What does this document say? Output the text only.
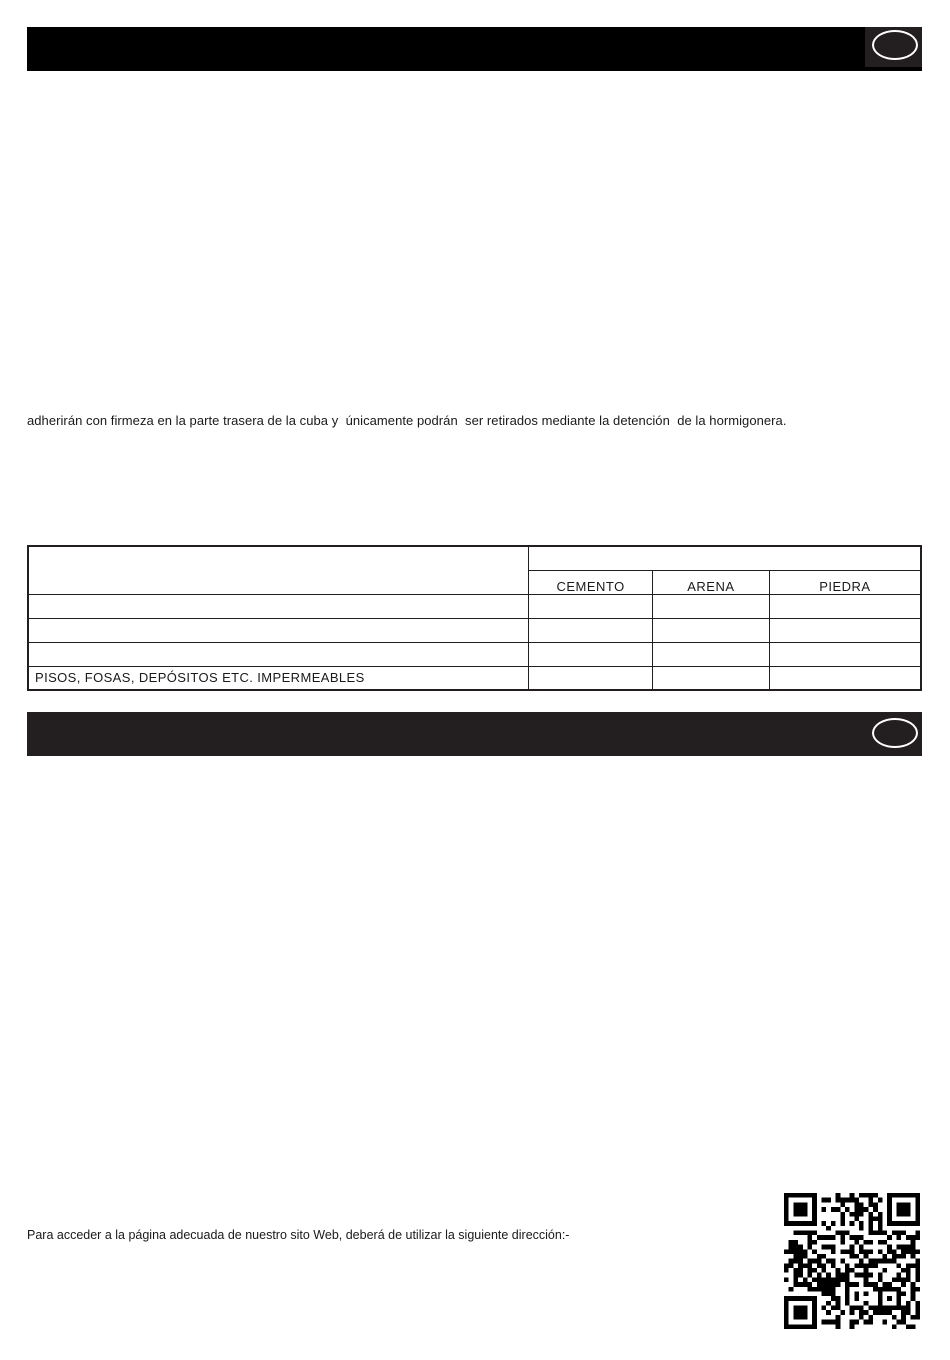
adherirán con firmeza en la parte trasera de la cuba y  únicamente podrán  ser retirados mediante la detención  de la hormigonera.

	CEMENTO	ARENA	PIEDRA

PISOS, FOSAS, DEPÓSITOS ETC. IMPERMEABLES			

Para acceder a la página adecuada de nuestro sito Web, deberá de utilizar la siguiente dirección:-
